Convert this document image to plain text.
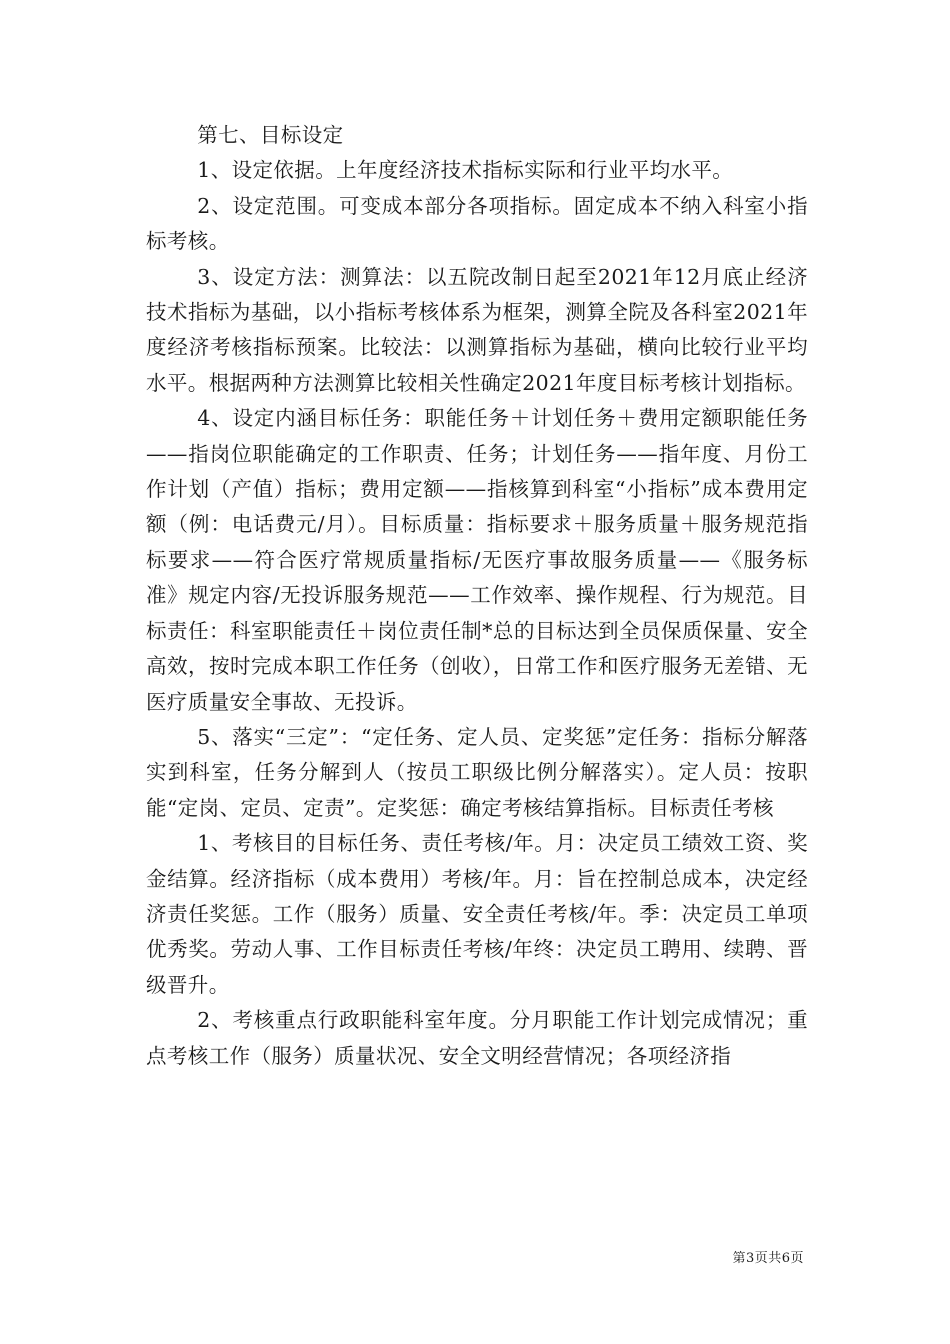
第七、目标设定

1、设定依据。上年度经济技术指标实际和行业平均水平。

2、设定范围。可变成本部分各项指标。固定成本不纳入科室小指标考核。

3、设定方法：测算法：以五院改制日起至2021年12月底止经济技术指标为基础，以小指标考核体系为框架，测算全院及各科室2021年度经济考核指标预案。比较法：以测算指标为基础，横向比较行业平均水平。根据两种方法测算比较相关性确定2021年度目标考核计划指标。

4、设定内涵目标任务：职能任务＋计划任务＋费用定额职能任务——指岗位职能确定的工作职责、任务；计划任务——指年度、月份工作计划（产值）指标；费用定额——指核算到科室“小指标”成本费用定额（例：电话费元/月）。目标质量：指标要求＋服务质量＋服务规范指标要求——符合医疗常规质量指标/无医疗事故服务质量——《服务标准》规定内容/无投诉服务规范——工作效率、操作规程、行为规范。目标责任：科室职能责任＋岗位责任制*总的目标达到全员保质保量、安全高效，按时完成本职工作任务（创收），日常工作和医疗服务无差错、无医疗质量安全事故、无投诉。

5、落实“三定”：“定任务、定人员、定奖惩”定任务：指标分解落实到科室，任务分解到人（按员工职级比例分解落实）。定人员：按职能“定岗、定员、定责”。定奖惩：确定考核结算指标。目标责任考核

1、考核目的目标任务、责任考核/年。月：决定员工绩效工资、奖金结算。经济指标（成本费用）考核/年。月：旨在控制总成本，决定经济责任奖惩。工作（服务）质量、安全责任考核/年。季：决定员工单项优秀奖。劳动人事、工作目标责任考核/年终：决定员工聘用、续聘、晋级晋升。

2、考核重点行政职能科室年度。分月职能工作计划完成情况；重点考核工作（服务）质量状况、安全文明经营情况；各项经济指

第3页共6页
